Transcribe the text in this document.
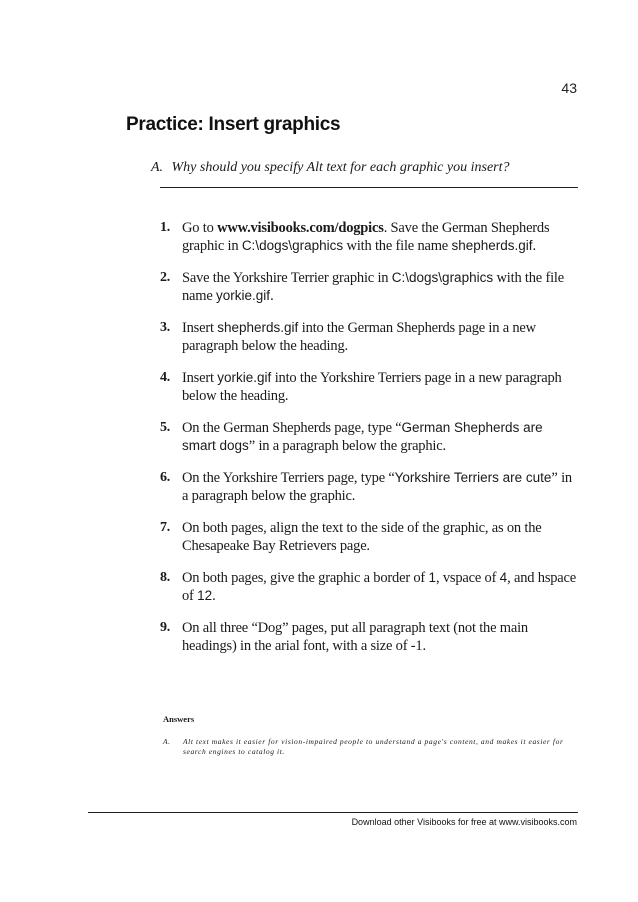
43
Practice: Insert graphics
A. Why should you specify Alt text for each graphic you insert?
1. Go to www.visibooks.com/dogpics. Save the German Shepherds graphic in C:\dogs\graphics with the file name shepherds.gif.
2. Save the Yorkshire Terrier graphic in C:\dogs\graphics with the file name yorkie.gif.
3. Insert shepherds.gif into the German Shepherds page in a new paragraph below the heading.
4. Insert yorkie.gif into the Yorkshire Terriers page in a new paragraph below the heading.
5. On the German Shepherds page, type “German Shepherds are smart dogs” in a paragraph below the graphic.
6. On the Yorkshire Terriers page, type “Yorkshire Terriers are cute” in a paragraph below the graphic.
7. On both pages, align the text to the side of the graphic, as on the Chesapeake Bay Retrievers page.
8. On both pages, give the graphic a border of 1, vspace of 4, and hspace of 12.
9. On all three “Dog” pages, put all paragraph text (not the main headings) in the arial font, with a size of -1.
Answers
A.	Alt text makes it easier for vision-impaired people to understand a page's content, and makes it easier for search engines to catalog it.
Download other Visibooks for free at www.visibooks.com
